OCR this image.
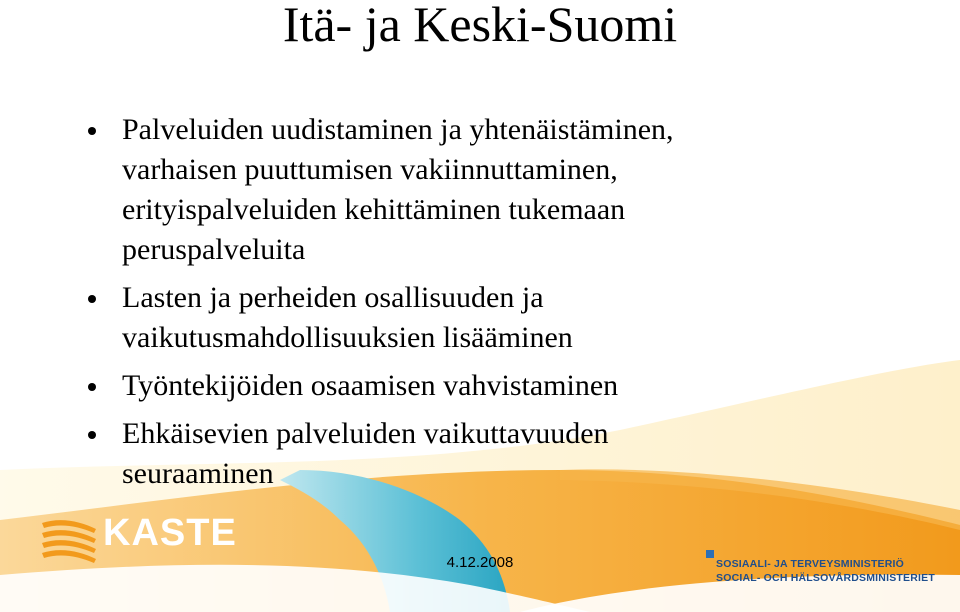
Itä- ja Keski-Suomi
Palveluiden uudistaminen ja yhtenäistäminen,
varhaisen puuttumisen vakiinnuttaminen,
erityispalveluiden kehittäminen tukemaan
peruspalveluita
Lasten ja perheiden osallisuuden ja
vaikutusmahdollisuuksien lisääminen
Työntekijöiden osaamisen vahvistaminen
Ehkäisevien palveluiden vaikuttavuuden
seuraaminen
KASTE
4.12.2008	SOSIAALI- JA TERVEYSMINISTERIÖ
SOCIAL- OCH HÄLSOVÅRDSMINISTERIET
